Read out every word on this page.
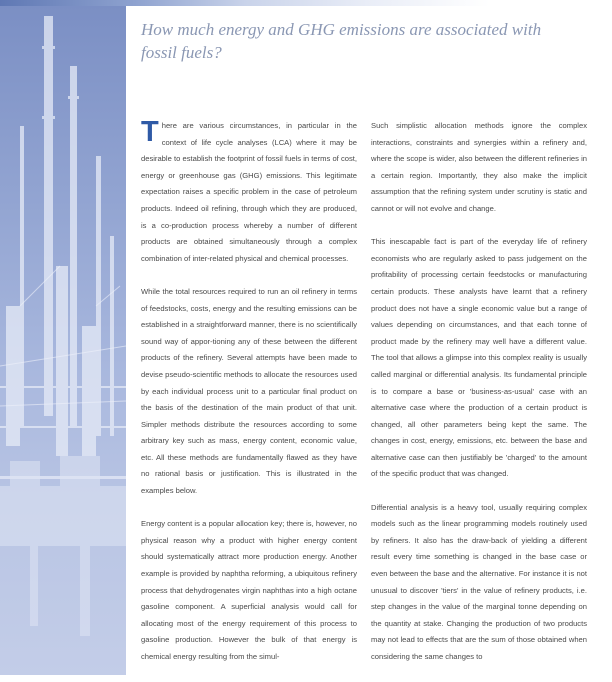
How much energy and GHG emissions are associated with fossil fuels?

There are various circumstances, in particular in the context of life cycle analyses (LCA) where it may be desirable to establish the footprint of fossil fuels in terms of cost, energy or greenhouse gas (GHG) emissions. This legitimate expectation raises a specific problem in the case of petroleum products. Indeed oil refining, through which they are produced, is a co-production process whereby a number of different products are obtained simultaneously through a complex combination of inter-related physical and chemical processes.

While the total resources required to run an oil refinery in terms of feedstocks, costs, energy and the resulting emissions can be established in a straightforward manner, there is no scientifically sound way of appor-tioning any of these between the different products of the refinery. Several attempts have been made to devise pseudo-scientific methods to allocate the resources used by each individual process unit to a particular final product on the basis of the destination of the main product of that unit. Simpler methods distribute the resources according to some arbitrary key such as mass, energy content, economic value, etc. All these methods are fundamentally flawed as they have no rational basis or justification. This is illustrated in the examples below.

Energy content is a popular allocation key; there is, however, no physical reason why a product with higher energy content should systematically attract more production energy. Another example is provided by naphtha reforming, a ubiquitous refinery process that dehydrogenates virgin naphthas into a high octane gasoline component. A superficial analysis would call for allocating most of the energy requirement of this process to gasoline production. However the bulk of that energy is chemical energy resulting from the simul-

Such simplistic allocation methods ignore the complex interactions, constraints and synergies within a refinery and, where the scope is wider, also between the different refineries in a certain region. Importantly, they also make the implicit assumption that the refining system under scrutiny is static and cannot or will not evolve and change.

This inescapable fact is part of the everyday life of refinery economists who are regularly asked to pass judgement on the profitability of processing certain feedstocks or manufacturing certain products. These analysts have learnt that a refinery product does not have a single economic value but a range of values depending on circumstances, and that each tonne of product made by the refinery may well have a different value. The tool that allows a glimpse into this complex reality is usually called marginal or differential analysis. Its fundamental principle is to compare a base or 'business-as-usual' case with an alternative case where the production of a certain product is changed, all other parameters being kept the same. The changes in cost, energy, emissions, etc. between the base and alternative case can then justifiably be 'charged' to the amount of the specific product that was changed.

Differential analysis is a heavy tool, usually requiring complex models such as the linear programming models routinely used by refiners. It also has the draw-back of yielding a different result every time something is changed in the base case or even between the base and the alternative. For instance it is not unusual to discover 'tiers' in the value of refinery products, i.e. step changes in the value of the marginal tonne depending on the quantity at stake. Changing the production of two products may not lead to effects that are the sum of those obtained when considering the same changes to
